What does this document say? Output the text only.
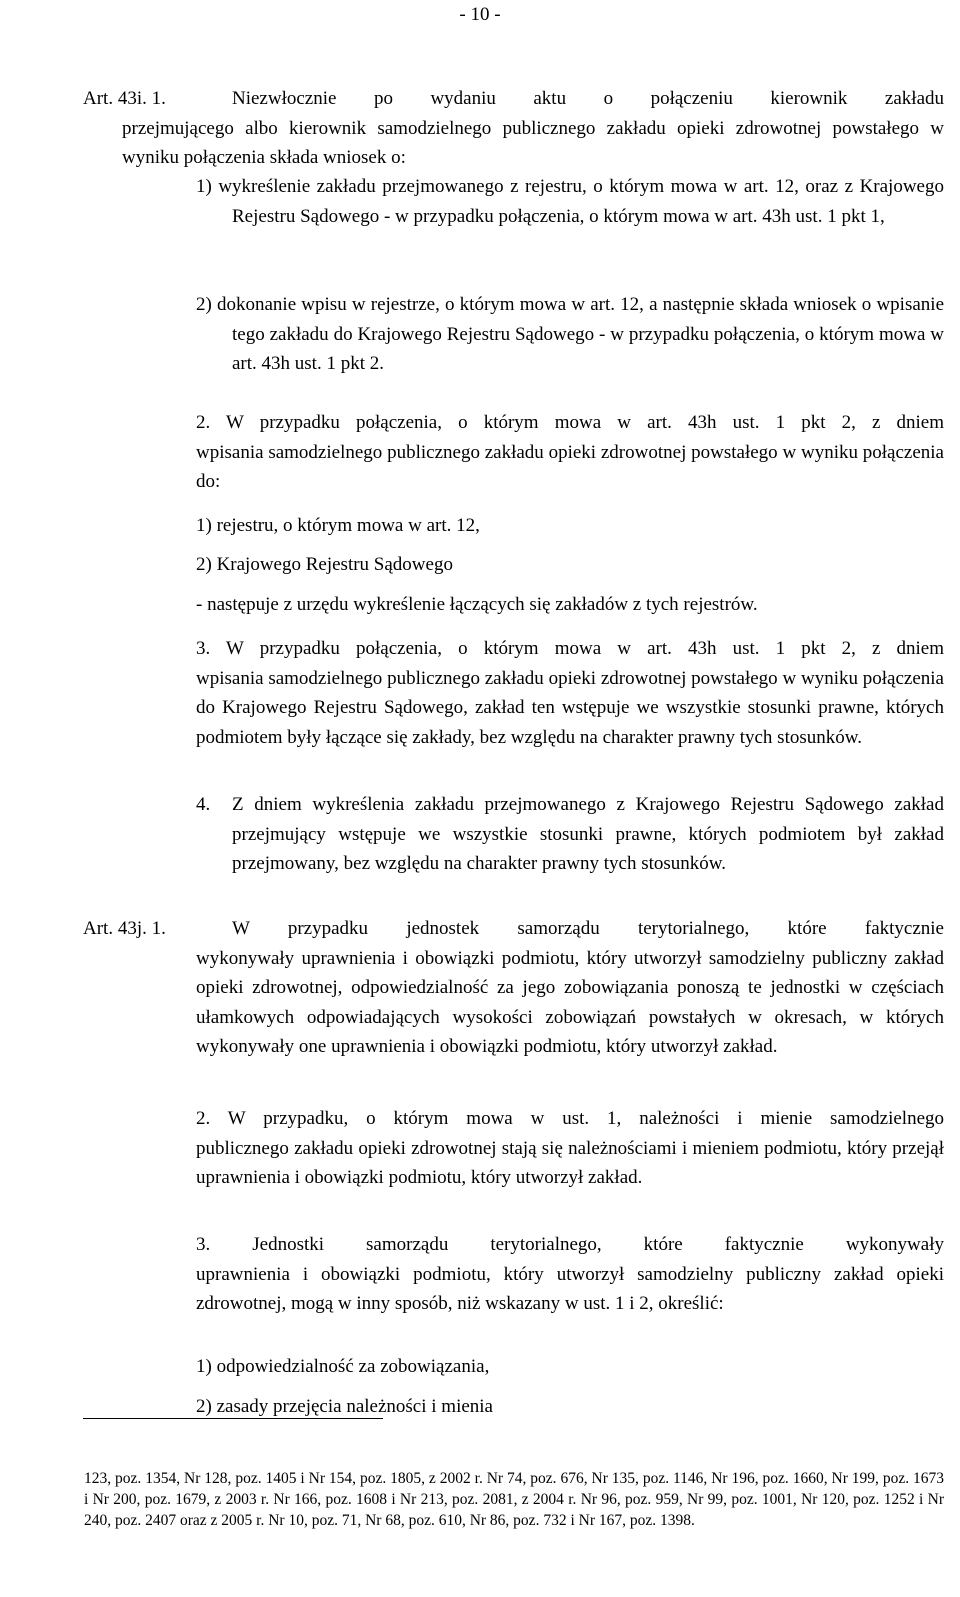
- 10 -
Art. 43i. 1.	Niezwłocznie po wydaniu aktu o połączeniu kierownik zakładu
przejmującego albo kierownik samodzielnego publicznego zakładu opieki zdrowotnej powstałego w wyniku połączenia składa wniosek o:
1) wykreślenie zakładu przejmowanego z rejestru, o którym mowa w art. 12, oraz z Krajowego Rejestru Sądowego - w przypadku połączenia, o którym mowa w art. 43h ust. 1 pkt 1,
2) dokonanie wpisu w rejestrze, o którym mowa w art. 12, a następnie składa wniosek o wpisanie tego zakładu do Krajowego Rejestru Sądowego - w przypadku połączenia, o którym mowa w art. 43h ust. 1 pkt 2.
2. W przypadku połączenia, o którym mowa w art. 43h ust. 1 pkt 2, z dniem
wpisania samodzielnego publicznego zakładu opieki zdrowotnej powstałego w wyniku połączenia do:
1) rejestru, o którym mowa w art. 12,
2) Krajowego Rejestru Sądowego
- następuje z urzędu wykreślenie łączących się zakładów z tych rejestrów.
3. W przypadku połączenia, o którym mowa w art. 43h ust. 1 pkt 2, z dniem
wpisania samodzielnego publicznego zakładu opieki zdrowotnej powstałego w wyniku połączenia do Krajowego Rejestru Sądowego, zakład ten wstępuje we wszystkie stosunki prawne, których podmiotem były łączące się zakłady, bez względu na charakter prawny tych stosunków.
4. Z dniem wykreślenia zakładu przejmowanego z Krajowego Rejestru Sądowego zakład przejmujący wstępuje we wszystkie stosunki prawne, których podmiotem był zakład przejmowany, bez względu na charakter prawny tych stosunków.
Art. 43j. 1.	W przypadku jednostek samorządu terytorialnego, które faktycznie
wykonywały uprawnienia i obowiązki podmiotu, który utworzył samodzielny publiczny zakład opieki zdrowotnej, odpowiedzialność za jego zobowiązania ponoszą te jednostki w częściach ułamkowych odpowiadających wysokości zobowiązań powstałych w okresach, w których wykonywały one uprawnienia i obowiązki podmiotu, który utworzył zakład.
2. W przypadku, o którym mowa w ust. 1, należności i mienie samodzielnego
publicznego zakładu opieki zdrowotnej stają się należnościami i mieniem podmiotu, który przejął uprawnienia i obowiązki podmiotu, który utworzył zakład.
3. Jednostki samorządu terytorialnego, które faktycznie wykonywały
uprawnienia i obowiązki podmiotu, który utworzył samodzielny publiczny zakład opieki zdrowotnej, mogą w inny sposób, niż wskazany w ust. 1 i 2, określić:
1) odpowiedzialność za zobowiązania,
2) zasady przejęcia należności i mienia
123, poz. 1354, Nr 128, poz. 1405 i Nr 154, poz. 1805, z 2002 r. Nr 74, poz. 676, Nr 135, poz. 1146, Nr 196, poz. 1660, Nr 199, poz. 1673 i Nr 200, poz. 1679, z 2003 r. Nr 166, poz. 1608 i Nr 213, poz. 2081, z 2004 r. Nr 96, poz. 959, Nr 99, poz. 1001, Nr 120, poz. 1252 i Nr 240, poz. 2407 oraz z 2005 r. Nr 10, poz. 71, Nr 68, poz. 610, Nr 86, poz. 732 i Nr 167, poz. 1398.
